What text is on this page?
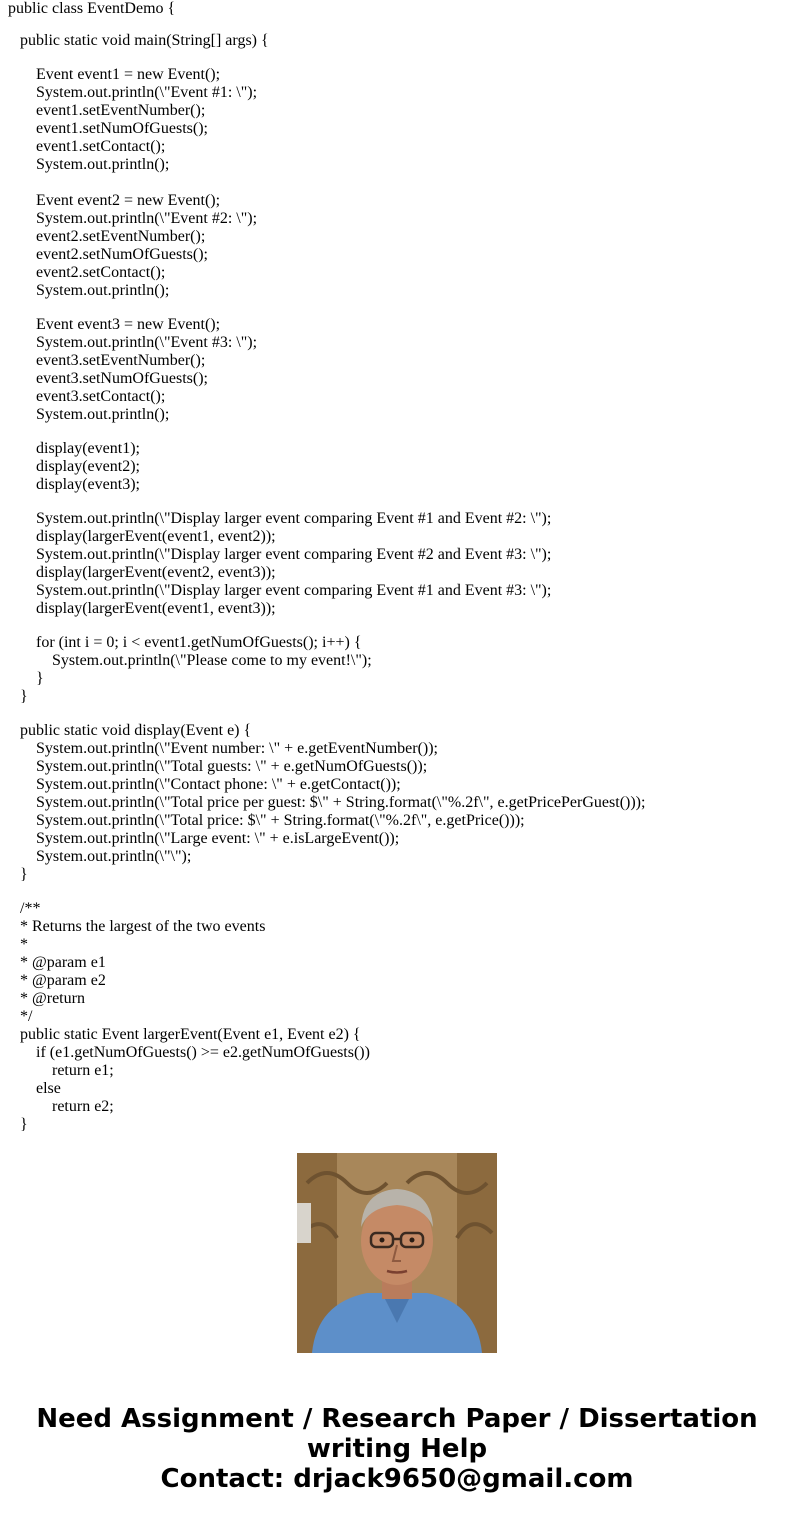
public class EventDemo {
public static void main(String[] args) {
Event event1 = new Event();
System.out.println(\"Event #1: \");
event1.setEventNumber();
event1.setNumOfGuests();
event1.setContact();
System.out.println();
Event event2 = new Event();
System.out.println(\"Event #2: \");
event2.setEventNumber();
event2.setNumOfGuests();
event2.setContact();
System.out.println();
Event event3 = new Event();
System.out.println(\"Event #3: \");
event3.setEventNumber();
event3.setNumOfGuests();
event3.setContact();
System.out.println();
display(event1);
display(event2);
display(event3);
System.out.println(\"Display larger event comparing Event #1 and Event #2: \");
display(largerEvent(event1, event2));
System.out.println(\"Display larger event comparing Event #2 and Event #3: \");
display(largerEvent(event2, event3));
System.out.println(\"Display larger event comparing Event #1 and Event #3: \");
display(largerEvent(event1, event3));
for (int i = 0; i < event1.getNumOfGuests(); i++) {
System.out.println(\"Please come to my event!\");
}
}
public static void display(Event e) {
System.out.println(\"Event number: \" + e.getEventNumber());
System.out.println(\"Total guests: \" + e.getNumOfGuests());
System.out.println(\"Contact phone: \" + e.getContact());
System.out.println(\"Total price per guest: $\" + String.format(\"%.2f\", e.getPricePerGuest()));
System.out.println(\"Total price: $\" + String.format(\"%.2f\", e.getPrice()));
System.out.println(\"Large event: \" + e.isLargeEvent());
System.out.println(\"\");
}
/**
* Returns the largest of the two events
*
* @param e1
* @param e2
* @return
*/
public static Event largerEvent(Event e1, Event e2) {
if (e1.getNumOfGuests() >= e2.getNumOfGuests())
return e1;
else
return e2;
}
Need Assignment / Research Paper / Dissertation
writing Help
Contact: drjack9650@gmail.com
